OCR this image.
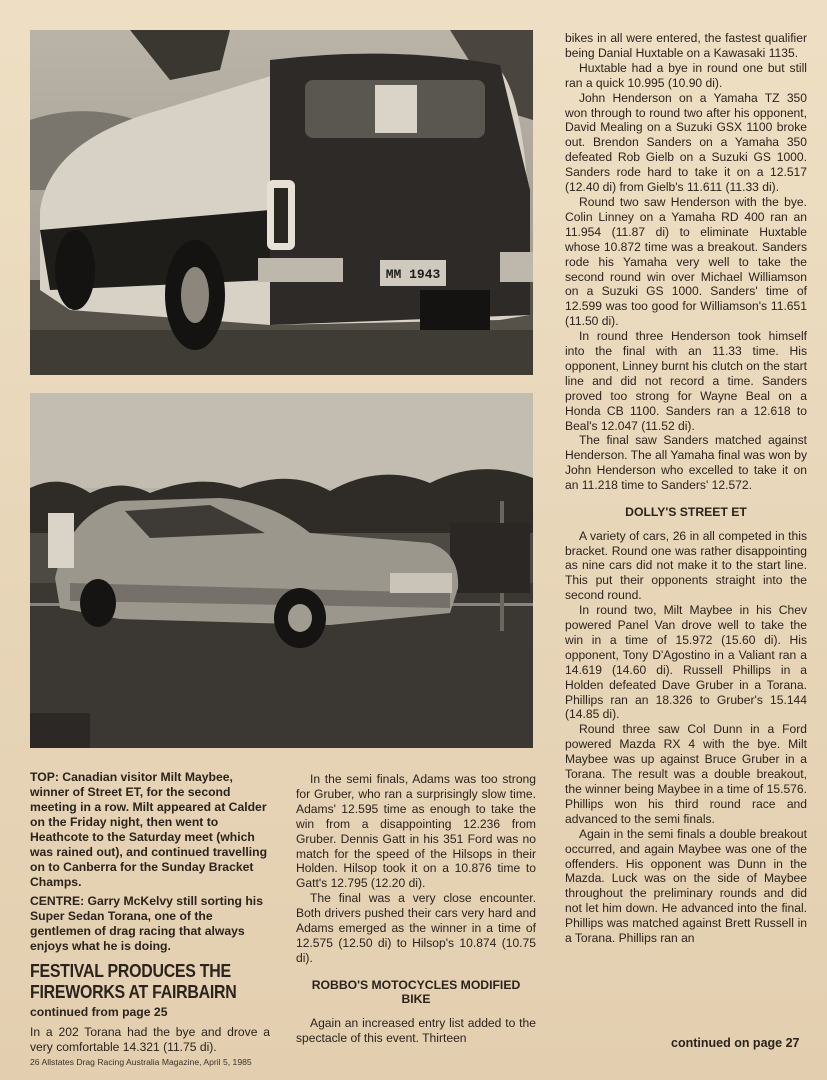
MM 1943

TOP: Canadian visitor Milt Maybee, winner of Street ET, for the second meeting in a row. Milt appeared at Calder on the Friday night, then went to Heathcote to the Saturday meet (which was rained out), and continued travelling on to Canberra for the Sunday Bracket Champs.

CENTRE: Garry McKelvy still sorting his Super Sedan Torana, one of the gentlemen of drag racing that always enjoys what he is doing.

FESTIVAL PRODUCES THE
FIREWORKS AT FAIRBAIRN
continued from page 25

In a 202 Torana had the bye and drove a very comfortable 14.321 (11.75 di).

In the semi finals, Adams was too strong for Gruber, who ran a surprisingly slow time. Adams' 12.595 time as enough to take the win from a disappointing 12.236 from Gruber. Dennis Gatt in his 351 Ford was no match for the speed of the Hilsops in their Holden. Hilsop took it on a 10.876 time to Gatt's 12.795 (12.20 di).

The final was a very close encounter. Both drivers pushed their cars very hard and Adams emerged as the winner in a time of 12.575 (12.50 di) to Hilsop's 10.874 (10.75 di).

ROBBO'S MOTOCYCLES MODIFIED BIKE

Again an increased entry list added to the spectacle of this event. Thirteen

bikes in all were entered, the fastest qualifier being Danial Huxtable on a Kawasaki 1135.

Huxtable had a bye in round one but still ran a quick 10.995 (10.90 di).

John Henderson on a Yamaha TZ 350 won through to round two after his opponent, David Mealing on a Suzuki GSX 1100 broke out. Brendon Sanders on a Yamaha 350 defeated Rob Gielb on a Suzuki GS 1000. Sanders rode hard to take it on a 12.517 (12.40 di) from Gielb's 11.611 (11.33 di).

Round two saw Henderson with the bye. Colin Linney on a Yamaha RD 400 ran an 11.954 (11.87 di) to eliminate Huxtable whose 10.872 time was a breakout. Sanders rode his Yamaha very well to take the second round win over Michael Williamson on a Suzuki GS 1000. Sanders' time of 12.599 was too good for Williamson's 11.651 (11.50 di).

In round three Henderson took himself into the final with an 11.33 time. His opponent, Linney burnt his clutch on the start line and did not record a time. Sanders proved too strong for Wayne Beal on a Honda CB 1100. Sanders ran a 12.618 to Beal's 12.047 (11.52 di).

The final saw Sanders matched against Henderson. The all Yamaha final was won by John Henderson who excelled to take it on an 11.218 time to Sanders' 12.572.

DOLLY'S STREET ET

A variety of cars, 26 in all competed in this bracket. Round one was rather disappointing as nine cars did not make it to the start line. This put their opponents straight into the second round.

In round two, Milt Maybee in his Chev powered Panel Van drove well to take the win in a time of 15.972 (15.60 di). His opponent, Tony D'Agostino in a Valiant ran a 14.619 (14.60 di). Russell Phillips in a Holden defeated Dave Gruber in a Torana. Phillips ran an 18.326 to Gruber's 15.144 (14.85 di).

Round three saw Col Dunn in a Ford powered Mazda RX 4 with the bye. Milt Maybee was up against Bruce Gruber in a Torana. The result was a double breakout, the winner being Maybee in a time of 15.576. Phillips won his third round race and advanced to the semi finals.

Again in the semi finals a double breakout occurred, and again Maybee was one of the offenders. His opponent was Dunn in the Mazda. Luck was on the side of Maybee throughout the preliminary rounds and did not let him down. He advanced into the final. Phillips was matched against Brett Russell in a Torana. Phillips ran an

continued on page 27
26 Allstates Drag Racing Australia Magazine, April 5, 1985
